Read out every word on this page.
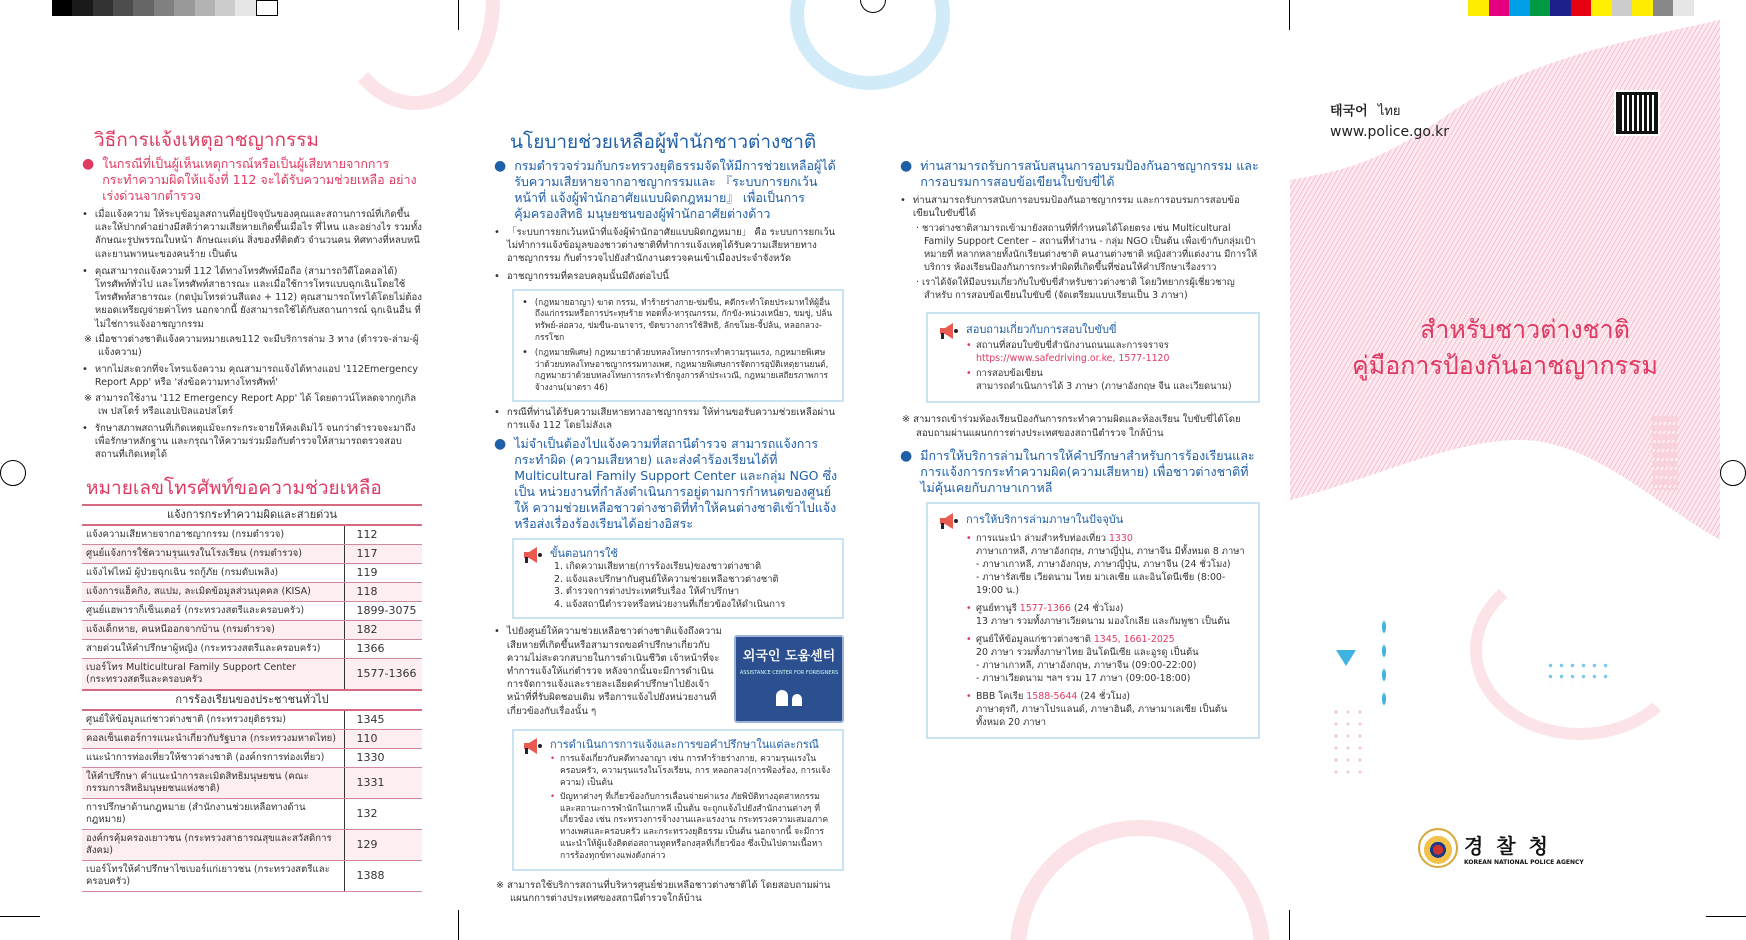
วิธีการแจ้งเหตุอาชญากรรม
● ในกรณีที่เป็นผู้เห็นเหตุการณ์หรือเป็นผู้เสียหายจากการ กระทำความผิดให้แจ้งที่ 112 จะได้รับความช่วยเหลือ อย่างเร่งด่วนจากตำรวจ
• เมื่อแจ้งความ ให้ระบุข้อมูลสถานที่อยู่ปัจจุบันของคุณและสถานการณ์ที่เกิดขึ้นและให้ปากคำอย่างมีสติว่าความเสียหายเกิดขึ้นเมื่อไร ที่ไหน และอย่างไร รวมทั้งลักษณะรูปพรรณใบหน้า ลักษณะเด่น สิ่งของที่ติดตัว จำนวนคน ทิศทางที่หลบหนี และยานพาหนะของคนร้าย เป็นต้น
• คุณสามารถแจ้งความที่ 112 ได้ทางโทรศัพท์มือถือ (สามารถวิดีโอคอลได้) โทรศัพท์ทั่วไป และโทรศัพท์สาธารณะ และเมื่อใช้การโทรแบบฉุกเฉินโดยใช้โทรศัพท์สาธารณะ (กดปุ่มโทรด่วนสีแดง + 112) คุณสามารถโทรได้โดยไม่ต้องหยอดเหรียญจ่ายค่าโทร นอกจากนี้ ยังสามารถใช้ได้กับสถานการณ์ ฉุกเฉินอื่น ที่ไม่ใช่การแจ้งอาชญากรรม
※ เมื่อชาวต่างชาติแจ้งความหมายเลข112 จะมีบริการล่าม 3 ทาง (ตำรวจ-ล่าม-ผู้แจ้งความ)
• หากไม่สะดวกที่จะโทรแจ้งความ คุณสามารถแจ้งได้ทางแอป '112Emergency Report App' หรือ 'ส่งข้อความทางโทรศัพท์'
※ สามารถใช้งาน '112 Emergency Report App' ได้ โดยดาวน์โหลดจากกูเกิลเพ ปสโตร์ หรือแอปเปิลแอปสโตร์
• รักษาสภาพสถานที่เกิดเหตุแม้จะกระกระจายให้คงเดิมไว้ จนกว่าตำรวจจะมาถึงเพื่อรักษาหลักฐาน และกรุณาให้ความร่วมมือกับตำรวจให้สามารถตรวจสอบ สถานที่เกิดเหตุได้
หมายเลขโทรศัพท์ขอความช่วยเหลือ
แจ้งการกระทำความผิดและสายด่วน
แจ้งความเสียหายจากอาชญากรรม (กรมตำรวจ)	112
ศูนย์แจ้งการใช้ความรุนแรงในโรงเรียน (กรมตำรวจ)	117
แจ้งไฟไหม้ ผู้ป่วยฉุกเฉิน รถกู้ภัย (กรมดับเพลิง)	119
แจ้งการแฮ็คกิง, สแปม, ละเมิดข้อมูลส่วนบุคคล (KISA)	118
ศูนย์แฮพาราก็เซ็นเตอร์ (กระทรวงสตรีและครอบครัว)	1899-3075
แจ้งเด็กหาย, คนหนีออกจากบ้าน (กรมตำรวจ)	182
สายด่วนให้คำปรึกษาผู้หญิง (กระทรวงสตรีและครอบครัว)	1366
เบอร์โทร Multicultural Family Support Center (กระทรวงสตรีและครอบครัว	1577-1366
การร้องเรียนของประชาชนทั่วไป
ศูนย์ให้ข้อมูลแก่ชาวต่างชาติ (กระทรวงยุติธรรม)	1345
คอลเซ็นเตอร์การแนะนำเกี่ยวกับรัฐบาล (กระทรวงมหาดไทย)	110
แนะนำการท่องเที่ยวให้ชาวต่างชาติ (องค์กรการท่องเที่ยว)	1330
ให้คำปรึกษา คำแนะนำการละเมิดสิทธิมนุษยชน (คณะกรรมการสิทธิมนุษยชนแห่งชาติ)	1331
การปรึกษาด้านกฎหมาย (สำนักงานช่วยเหลือทางด้านกฎหมาย)	132
องค์กรคุ้มครองเยาวชน (กระทรวงสาธารณสุขและสวัสดิการสังคม)	129
เบอร์โทรให้คำปรึกษาไซเบอร์แก่เยาวชน (กระทรวงสตรีและครอบครัว)	1388
นโยบายช่วยเหลือผู้พำนักชาวต่างชาติ
● กรมตำรวจร่วมกับกระทรวงยุติธรรมจัดให้มีการช่วยเหลือผู้ได้รับความเสียหายจากอาชญากรรมและ 『ระบบการยกเว้นหน้าที่ แจ้งผู้พำนักอาศัยแบบผิดกฎหมาย』 เพื่อเป็นการคุ้มครองสิทธิ มนุษยชนของผู้พำนักอาศัยต่างด้าว
• 「ระบบการยกเว้นหน้าที่แจ้งผู้พำนักอาศัยแบบผิดกฎหมาย」 คือ ระบบการยกเว้นไม่ทำการแจ้งข้อมูลของชาวต่างชาติที่ทำการแจ้งเหตุได้รับความเสียหายทางอาชญากรรม กับตำรวจไปยังสำนักงานตรวจคนเข้าเมืองประจำจังหวัด
• อาชญากรรมที่ครอบคลุมนั้นมีดังต่อไปนี้
• (กฎหมายอาญา) ฆาต กรรม, ทำร้ายร่างกาย-ข่มขืน, คดีกระทำโดยประมาทให้ผู้อื่นถึงแก่กรรมหรือการประทุษร้าย ทอดทิ้ง-ทารุณกรรม, กักขัง-หน่วงเหนี่ยว, ขมขู่, ปล้นทรัพย์-ล่อลวง, ข่มขืน-อนาจาร, ขัดขวางการใช้สิทธิ, ลักขโมย-จี้ปล้น, หลอกลวง-กรรโชก
• (กฎหมายพิเศษ) กฎหมายว่าด้วยบทลงโทษการกระทำความรุนแรง, กฎหมายพิเศษ ว่าด้วยบทลงโทษอาชญากรรมทางเพศ, กฎหมายพิเศษการจัดการอุบัติเหตุยานยนต์, กฎหมายว่าด้วยบทลงโทษการกระทำชักจูงการค้าประเวณี, กฎหมายเสถียรภาพการ จ้างงาน(มาตรา 46)
• กรณีที่ท่านได้รับความเสียหายทางอาชญากรรม ให้ท่านขอรับความช่วยเหลือผ่านการแจ้ง 112 โดยไม่ลังเล
● ไม่จำเป็นต้องไปแจ้งความที่สถานีตำรวจ สามารถแจ้งการ กระทำผิด (ความเสียหาย) และส่งคำร้องเรียนได้ที่ Multicultural Family Support Center และกลุ่ม NGO ซึ่งเป็น หน่วยงานที่กำลังดำเนินการอยู่ตามการกำหนดของศูนย์ให้ ความช่วยเหลือชาวต่างชาติที่ทำให้คนต่างชาติเข้าไปแจ้ง หรือส่งเรื่องร้องเรียนได้อย่างอิสระ
ขั้นตอนการใช้
1. เกิดความเสียหาย(การร้องเรียน)ของชาวต่างชาติ
2. แจ้งและปรึกษากับศูนย์ให้ความช่วยเหลือชาวต่างชาติ
3. ตำรวจการต่างประเทศรับเรื่อง ให้คำปรึกษา
4. แจ้งสถานีตำรวจหรือหน่วยงานที่เกี่ยวข้องให้ดำเนินการ
• ไปยังศูนย์ให้ความช่วยเหลือชาวต่างชาติแจ้งถึงความเสียหายที่เกิดขึ้นหรือสามารถขอคำปรึกษาเกี่ยวกับความไม่สะดวกสบายในการดำเนินชีวิต เจ้าหน้าที่จะทำการแจ้งให้แก่ตำรวจ หลังจากนั้นจะมีการดำเนินการจัดการแจ้งและรายละเอียดคำปรึกษาไปยังเจ้าหน้าที่ที่รับผิดชอบเดิม หรือการแจ้งไปยังหน่วยงานที่เกี่ยวข้องกับเรื่องนั้น ๆ
외국인 도움센터
ASSISTANCE CENTER FOR FOREIGNERS
การดำเนินการการแจ้งและการขอคำปรึกษาในแต่ละกรณี
• การแจ้งเกี่ยวกับคดีทางอาญา เช่น การทำร้ายร่างกาย, ความรุนแรงในครอบครัว, ความรุนแรงในโรงเรียน, การ หลอกลวง(การฟ้องร้อง, การแจ้งความ) เป็นต้น
• ปัญหาต่างๆ ที่เกี่ยวข้องกับการเลื่อนจ่ายค่าแรง ภัยพิบัติทางอุตสาหกรรม และสถานะการพำนักในเกาหลี เป็นต้น จะถูกแจ้งไปยังสำนักงานต่างๆ ที่ เกี่ยวข้อง เช่น กระทรวงการจ้างงานและแรงงาน กระทรวงความเสมอภาค ทางเพศและครอบครัว และกระทรวงยุติธรรม เป็นต้น นอกจากนี้ จะมีการ แนะนำให้ผู้แจ้งติดต่อสถานทูตหรือกงสุลที่เกี่ยวข้อง ซึ่งเป็นไปตามเนื้อหา การร้องทุกข์ทางแพ่งดังกล่าว
※ สามารถใช้บริการสถานที่บริหารศูนย์ช่วยเหลือชาวต่างชาติได้ โดยสอบถามผ่านแผนกการต่างประเทศของสถานีตำรวจใกล้บ้าน
● ท่านสามารถรับการสนับสนุนการอบรมป้องกันอาชญากรรม และการอบรมการสอบข้อเขียนใบขับขี่ได้
• ท่านสามารถรับการสนับการอบรมป้องกันอาชญากรรม และการอบรมการสอบข้อเขียนใบขับขี่ได้
· ชาวต่างชาติสามารถเข้ามายังสถานที่ที่กำหนดได้โดยตรง เช่น Multicultural Family Support Center – สถานที่ทำงาน - กลุ่ม NGO เป็นต้น เพื่อเข้ากับกลุ่มเป้าหมายที่ หลากหลายทั้งนักเรียนต่างชาติ คนงานต่างชาติ หญิงสาวที่แต่งงาน มีการให้บริการ ห้องเรียนป้องกันการกระทำผิดที่เกิดขึ้นที่ซ่อนให้คำปรึกษาเรื่องราว
· เราได้จัดให้มีอบรมเกี่ยวกับใบขับขี่สำหรับชาวต่างชาติ โดยวิทยากรผู้เชี่ยวชาญสำหรับ การสอบข้อเขียนใบขับขี่ (จัดเตรียมแบบเรียนเป็น 3 ภาษา)
สอบถามเกี่ยวกับการสอบใบขับขี่
• สถานที่สอบใบขับขี่สำนักงานถนนและการจราจร
https://www.safedriving.or.ke, 1577-1120
• การสอบข้อเขียน
สามารถดำเนินการได้ 3 ภาษา (ภาษาอังกฤษ จีน และเวียดนาม)
※ สามารถเข้าร่วมห้องเรียนป้องกันการกระทำความผิดและห้องเรียน ใบขับขี่ได้โดย สอบถามผ่านแผนกการต่างประเทศของสถานีตำรวจ ใกล้บ้าน
● มีการให้บริการล่ามในการให้คำปรึกษาสำหรับการร้องเรียนและการแจ้งการกระทำความผิด(ความเสียหาย) เพื่อชาวต่างชาติที่ไม่คุ้นเคยกับภาษาเกาหลี
การให้บริการล่ามภาษาในปัจจุบัน
• การแนะนำ ล่ามสำหรับท่องเที่ยว 1330
ภาษาเกาหลี, ภาษาอังกฤษ, ภาษาญี่ปุ่น, ภาษาจีน มีทั้งหมด 8 ภาษา
- ภาษาเกาหลี, ภาษาอังกฤษ, ภาษาญี่ปุ่น, ภาษาจีน (24 ชั่วโมง)
- ภาษารัสเซีย เวียดนาม ไทย มาเลเซีย และอินโดนีเซีย (8:00-19:00 น.)
• ศูนย์ทานูรี 1577-1366 (24 ชั่วโมง)
13 ภาษา รวมทั้งภาษาเวียดนาม มองโกเลีย และกัมพูชา เป็นต้น
• ศูนย์ให้ข้อมูลแก่ชาวต่างชาติ 1345, 1661-2025
20 ภาษา รวมทั้งภาษาไทย อินโดนีเซีย และอูรดู เป็นต้น
- ภาษาเกาหลี, ภาษาอังกฤษ, ภาษาจีน (09:00-22:00)
- ภาษาเวียดนาม ฯลฯ รวม 17 ภาษา (09:00-18:00)
• BBB โคเรีย 1588-5644 (24 ชั่วโมง)
ภาษาตุรกี, ภาษาโปรแลนด์, ภาษาฮินดี, ภาษามาเลเซีย เป็นต้น ทั้งหมด 20 ภาษา
태국어 ไทย
www.police.go.kr
สำหรับชาวต่างชาติ
คู่มือการป้องกันอาชญากรรม
경 찰 청
KOREAN NATIONAL POLICE AGENCY
